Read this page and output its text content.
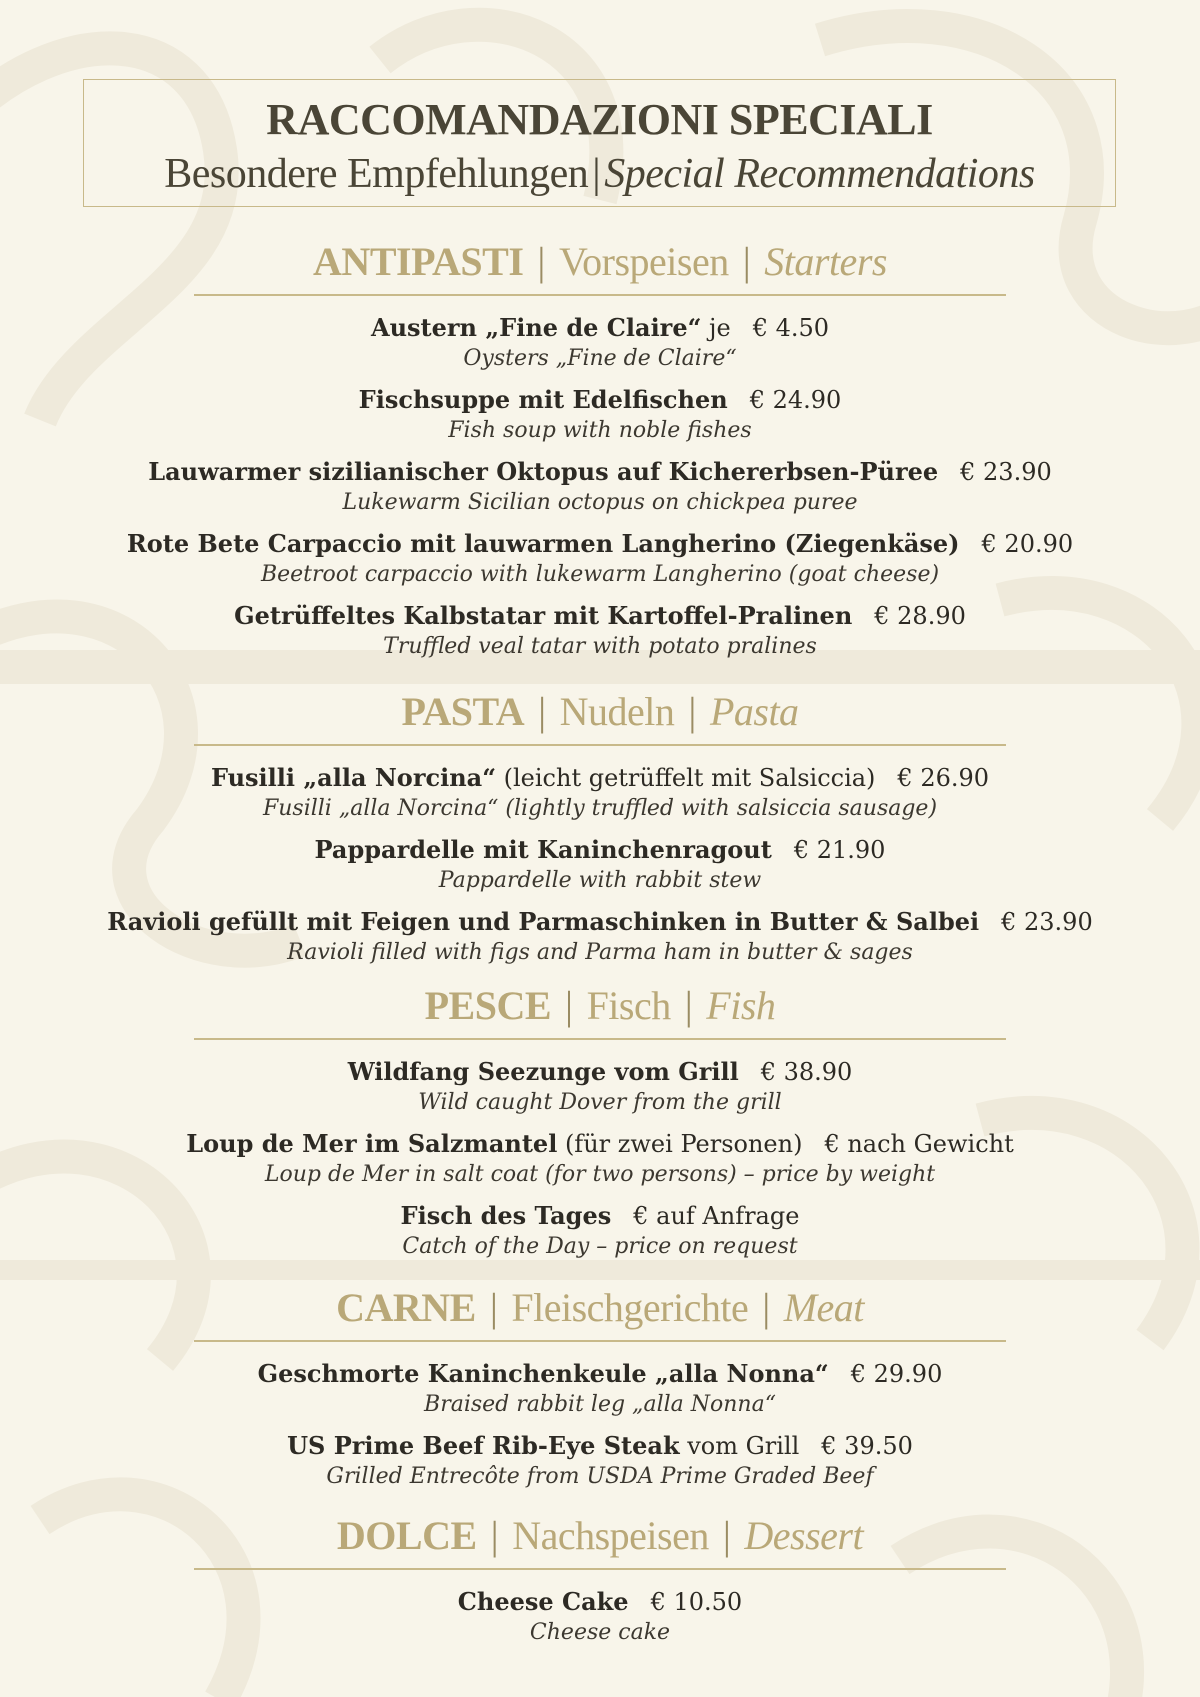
RACCOMANDAZIONI SPECIALI
Besondere Empfehlungen|Special Recommendations
ANTIPASTI | Vorspeisen | Starters
Austern „Fine de Claire“ je € 4.50
Oysters „Fine de Claire“
Fischsuppe mit Edelfischen € 24.90
Fish soup with noble fishes
Lauwarmer sizilianischer Oktopus auf Kichererbsen-Püree € 23.90
Lukewarm Sicilian octopus on chickpea puree
Rote Bete Carpaccio mit lauwarmen Langherino (Ziegenkäse) € 20.90
Beetroot carpaccio with lukewarm Langherino (goat cheese)
Getrüffeltes Kalbstatar mit Kartoffel-Pralinen € 28.90
Truffled veal tatar with potato pralines
PASTA | Nudeln | Pasta
Fusilli „alla Norcina“ (leicht getrüffelt mit Salsiccia) € 26.90
Fusilli „alla Norcina“ (lightly truffled with salsiccia sausage)
Pappardelle mit Kaninchenragout € 21.90
Pappardelle with rabbit stew
Ravioli gefüllt mit Feigen und Parmaschinken in Butter & Salbei € 23.90
Ravioli filled with figs and Parma ham in butter & sages
PESCE | Fisch | Fish
Wildfang Seezunge vom Grill € 38.90
Wild caught Dover from the grill
Loup de Mer im Salzmantel (für zwei Personen) € nach Gewicht
Loup de Mer in salt coat (for two persons) – price by weight
Fisch des Tages € auf Anfrage
Catch of the Day – price on request
CARNE | Fleischgerichte | Meat
Geschmorte Kaninchenkeule „alla Nonna“ € 29.90
Braised rabbit leg „alla Nonna“
US Prime Beef Rib-Eye Steak vom Grill € 39.50
Grilled Entrecôte from USDA Prime Graded Beef
DOLCE | Nachspeisen | Dessert
Cheese Cake € 10.50
Cheese cake
